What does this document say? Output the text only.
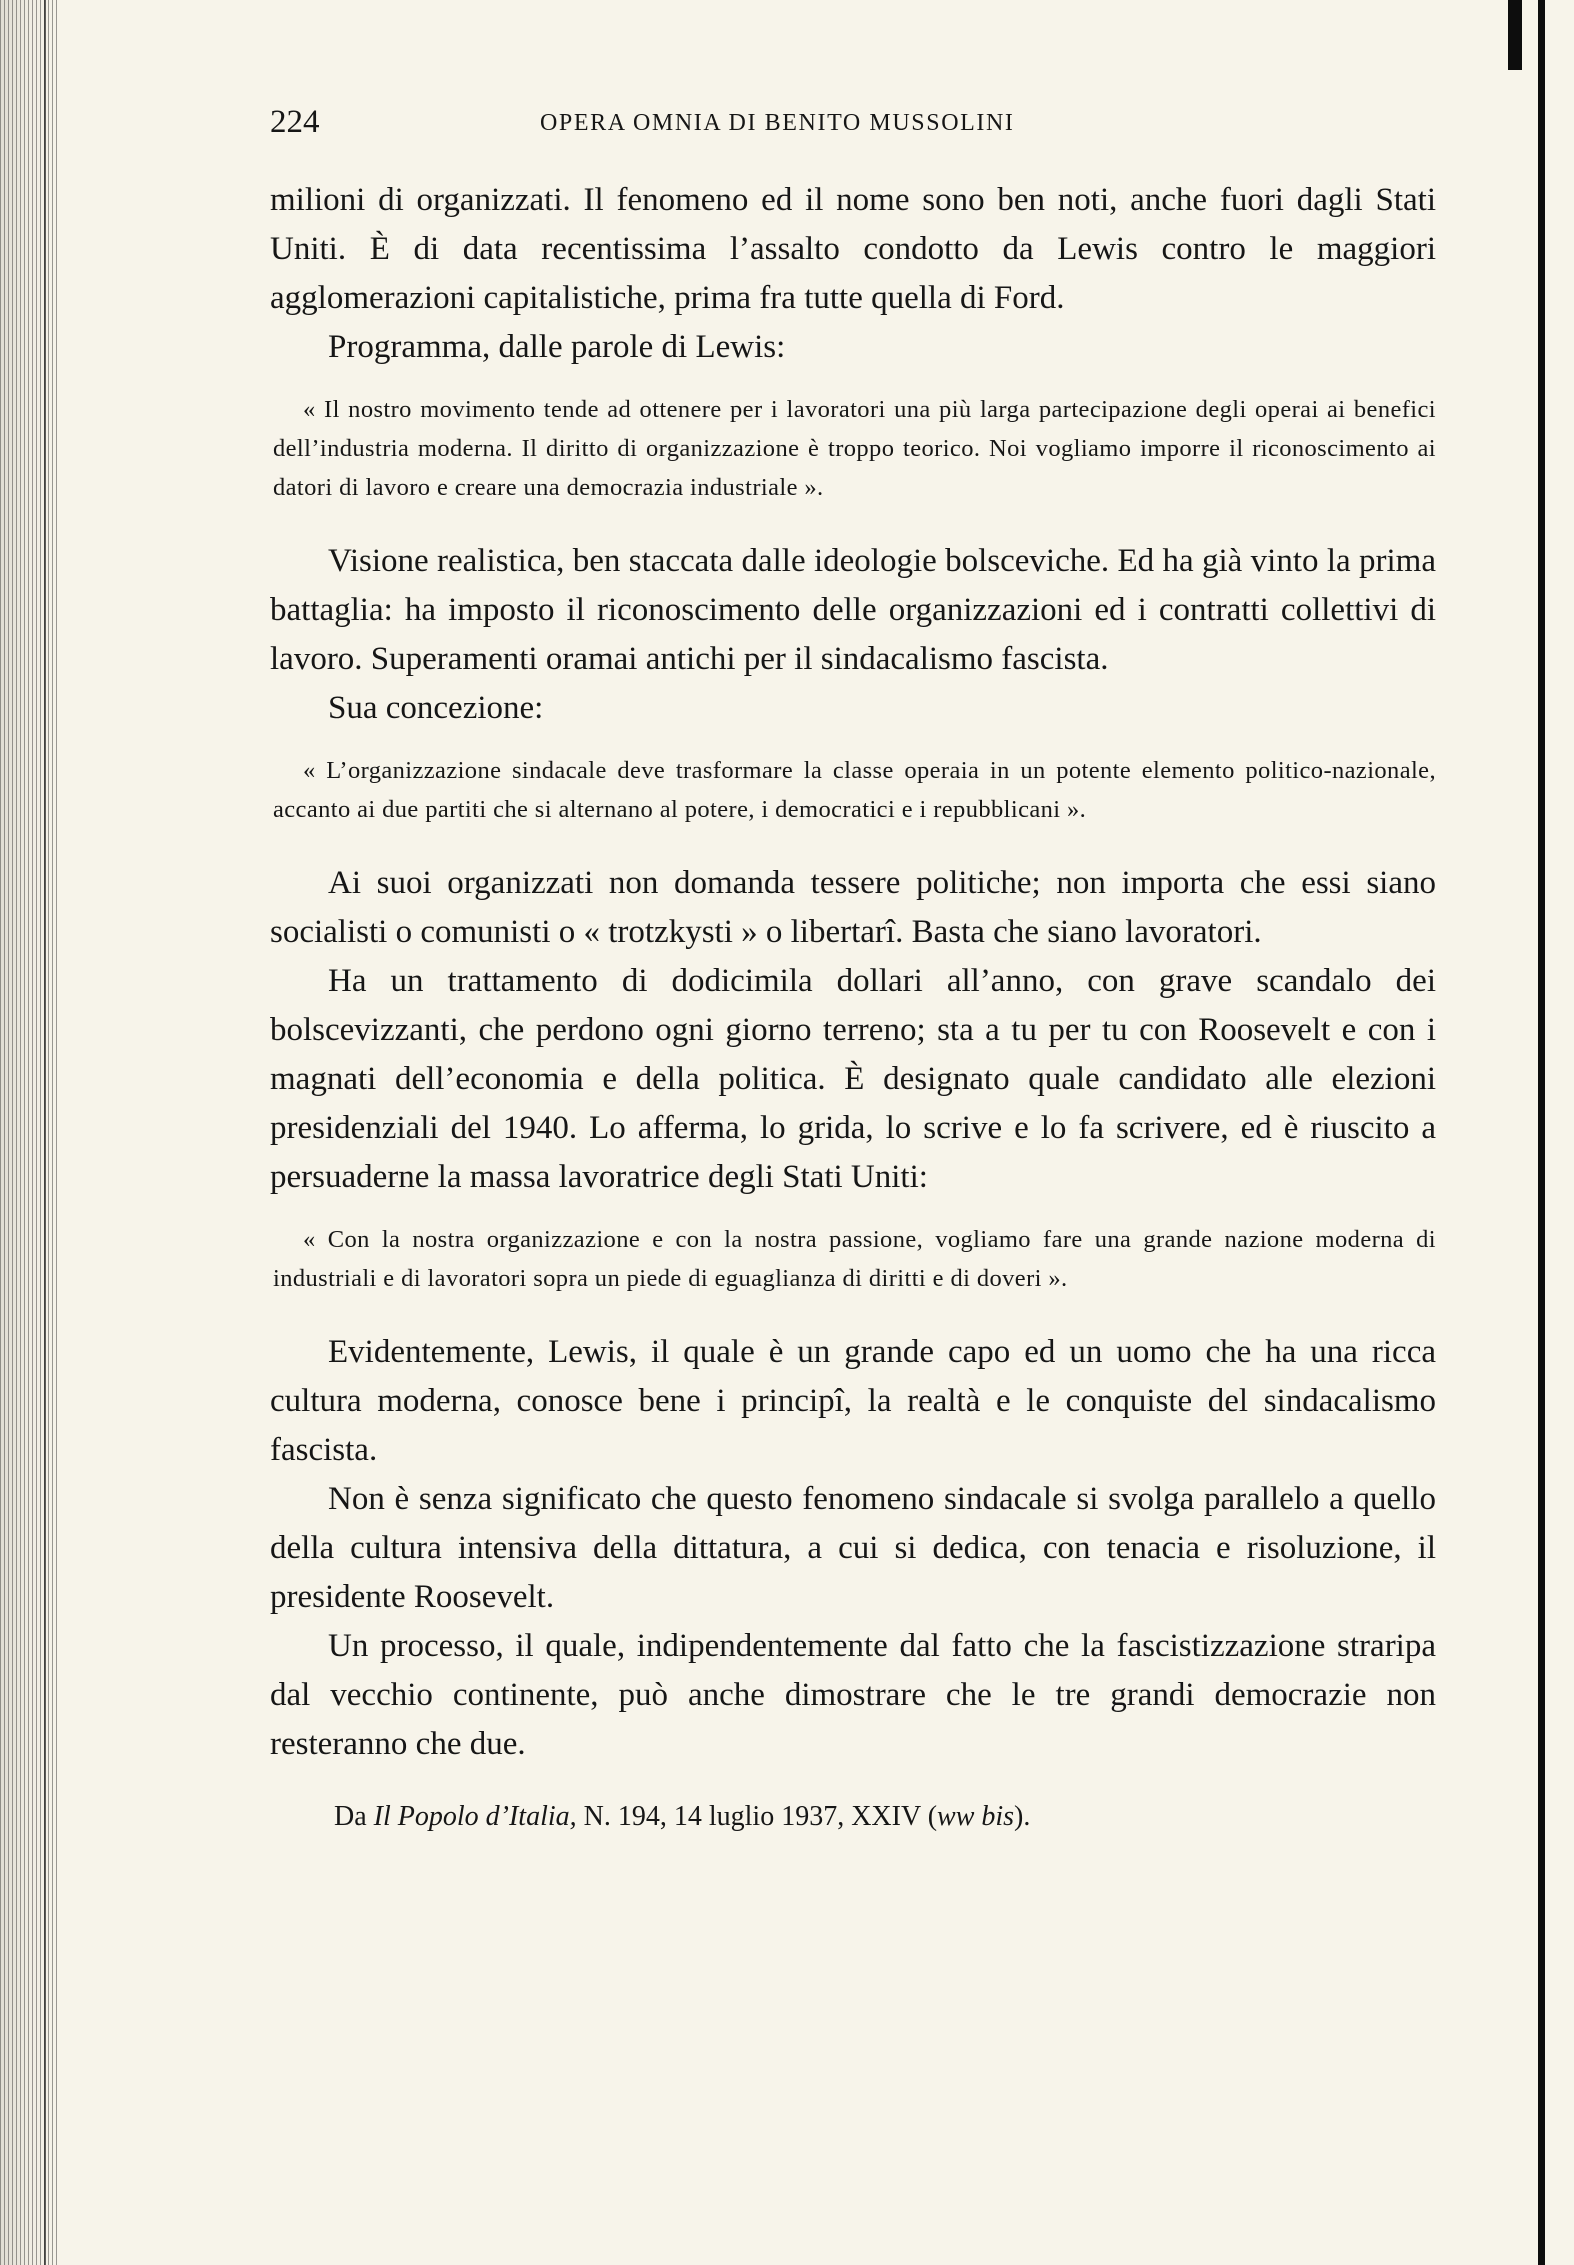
224	OPERA OMNIA DI BENITO MUSSOLINI

milioni di organizzati. Il fenomeno ed il nome sono ben noti, anche fuori dagli Stati Uniti. È di data recentissima l’assalto condotto da Lewis contro le maggiori agglomerazioni capitalistiche, prima fra tutte quella di Ford.

Programma, dalle parole di Lewis:

« Il nostro movimento tende ad ottenere per i lavoratori una più larga partecipazione degli operai ai benefici dell’industria moderna. Il diritto di organizzazione è troppo teorico. Noi vogliamo imporre il riconoscimento ai datori di lavoro e creare una democrazia industriale ».

Visione realistica, ben staccata dalle ideologie bolsceviche. Ed ha già vinto la prima battaglia: ha imposto il riconoscimento delle organizzazioni ed i contratti collettivi di lavoro. Superamenti oramai antichi per il sindacalismo fascista.

Sua concezione:

« L’organizzazione sindacale deve trasformare la classe operaia in un potente elemento politico-nazionale, accanto ai due partiti che si alternano al potere, i democratici e i repubblicani ».

Ai suoi organizzati non domanda tessere politiche; non importa che essi siano socialisti o comunisti o « trotzkysti » o libertarî. Basta che siano lavoratori.

Ha un trattamento di dodicimila dollari all’anno, con grave scandalo dei bolscevizzanti, che perdono ogni giorno terreno; sta a tu per tu con Roosevelt e con i magnati dell’economia e della politica. È designato quale candidato alle elezioni presidenziali del 1940. Lo afferma, lo grida, lo scrive e lo fa scrivere, ed è riuscito a persuaderne la massa lavoratrice degli Stati Uniti:

« Con la nostra organizzazione e con la nostra passione, vogliamo fare una grande nazione moderna di industriali e di lavoratori sopra un piede di eguaglianza di diritti e di doveri ».

Evidentemente, Lewis, il quale è un grande capo ed un uomo che ha una ricca cultura moderna, conosce bene i principî, la realtà e le conquiste del sindacalismo fascista.

Non è senza significato che questo fenomeno sindacale si svolga parallelo a quello della cultura intensiva della dittatura, a cui si dedica, con tenacia e risoluzione, il presidente Roosevelt.

Un processo, il quale, indipendentemente dal fatto che la fascistizzazione straripa dal vecchio continente, può anche dimostrare che le tre grandi democrazie non resteranno che due.

Da Il Popolo d’Italia, N. 194, 14 luglio 1937, XXIV (ww bis).
